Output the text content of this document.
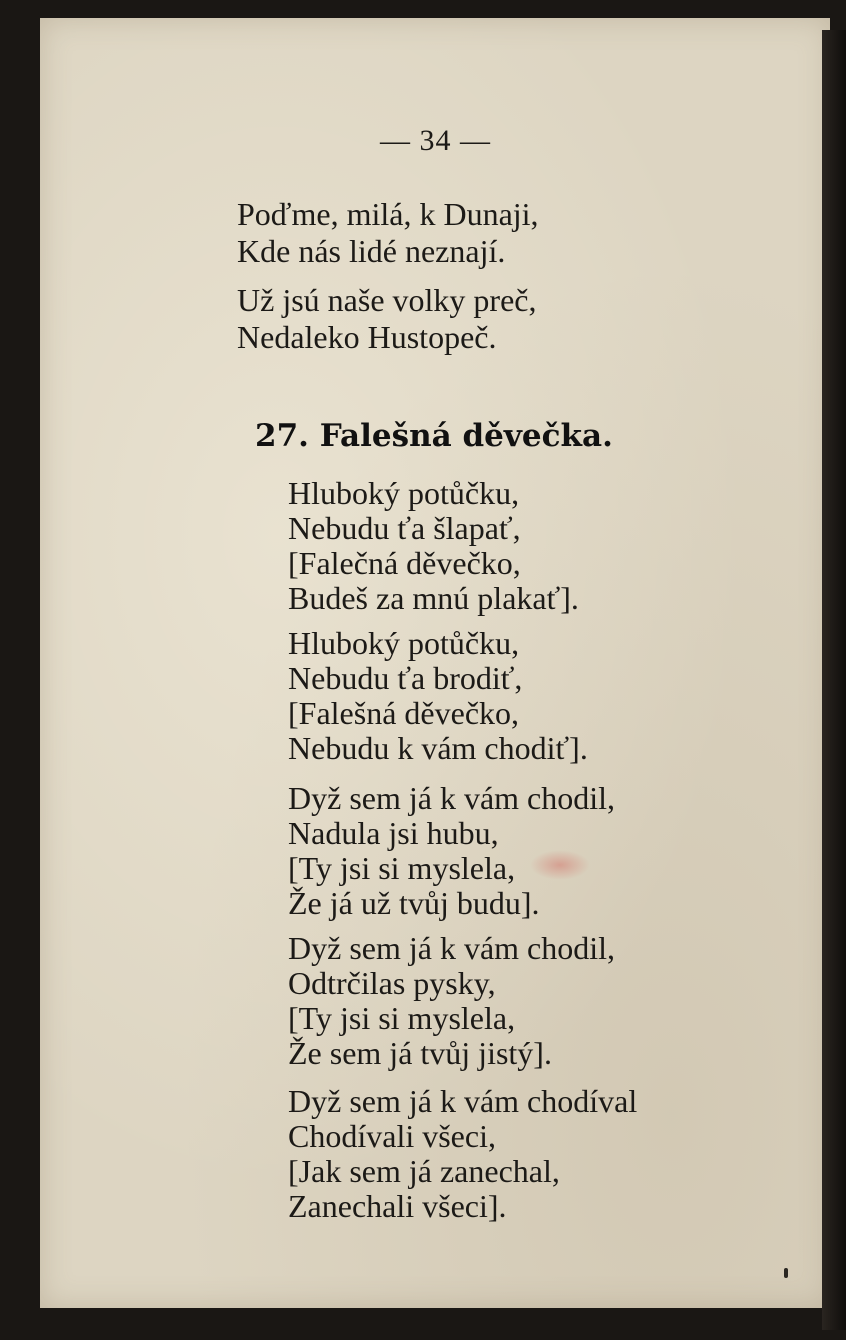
— 34 —
Poďme, milá, k Dunaji,
Kde nás lidé neznají.
Už jsú naše volky preč,
Nedaleko Hustopeč.
27. Falešná děvečka.
Hluboký potůčku,
Nebudu ťa šlapať,
[Falečná děvečko,
Budeš za mnú plakať].
Hluboký potůčku,
Nebudu ťa brodiť,
[Falešná děvečko,
Nebudu k vám chodiť].
Dyž sem já k vám chodil,
Nadula jsi hubu,
[Ty jsi si myslela,
Že já už tvůj budu].
Dyž sem já k vám chodil,
Odtrčilas pysky,
[Ty jsi si myslela,
Že sem já tvůj jistý].
Dyž sem já k vám chodíval
Chodívali všeci,
[Jak sem já zanechal,
Zanechali všeci].
